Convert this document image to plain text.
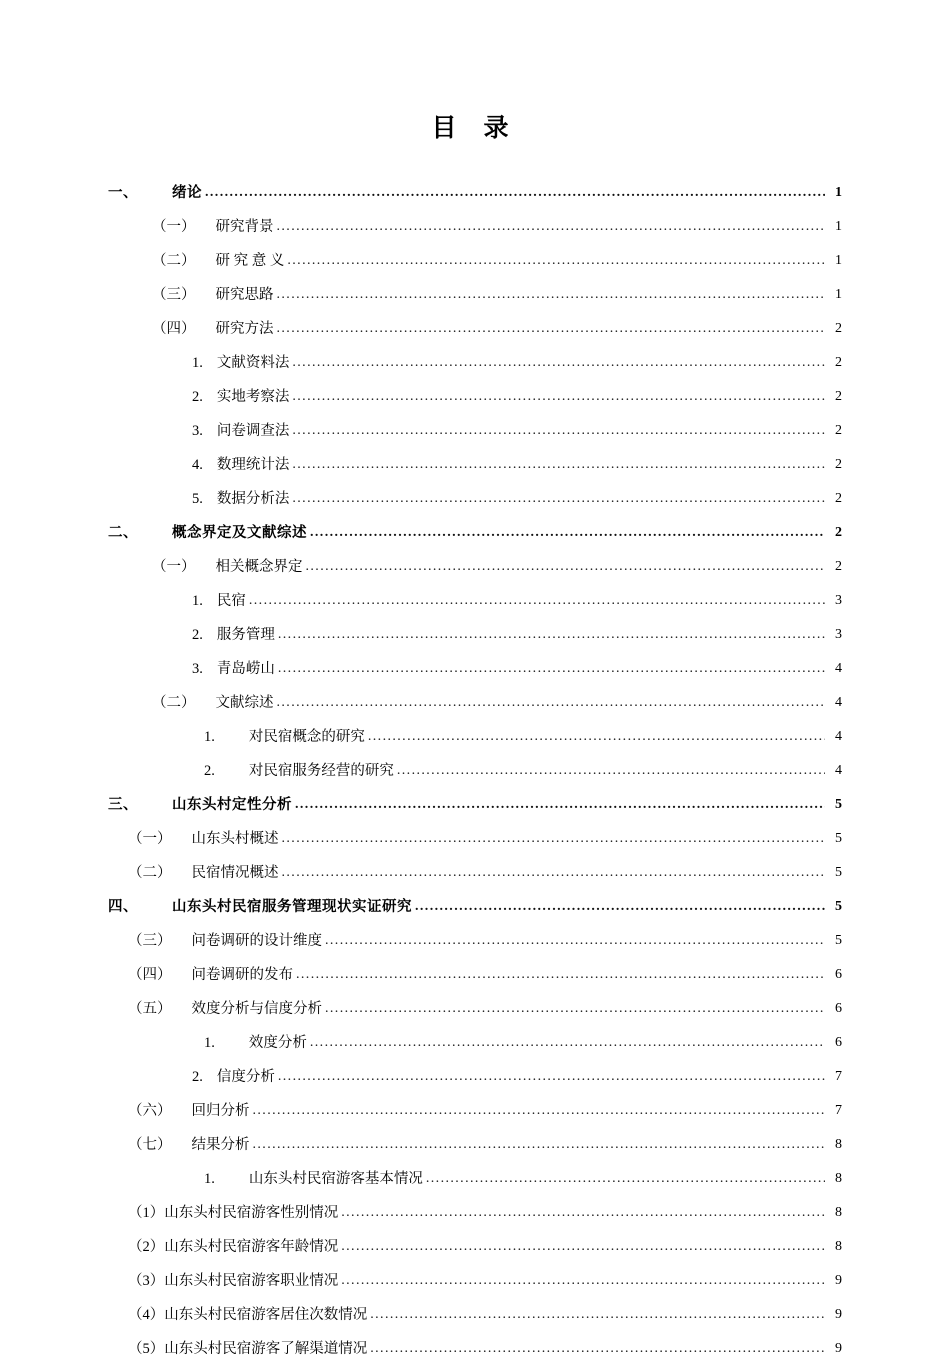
目 录
一、 绪论 .....	1
（一） 研究背景 .....	1
（二） 研 究 意 义 .....	1
（三） 研究思路 .....	1
（四） 研究方法 .....	2
1. 文献资料法 .....	2
2. 实地考察法 .....	2
3. 问卷调查法 .....	2
4. 数理统计法 .....	2
5. 数据分析法 .....	2
二、 概念界定及文献综述 .....	2
（一） 相关概念界定 .....	2
1. 民宿 .....	3
2. 服务管理 .....	3
3. 青岛崂山 .....	4
（二） 文献综述 .....	4
1. 对民宿概念的研究 .....	4
2. 对民宿服务经营的研究 .....	4
三、 山东头村定性分析 .....	5
（一） 山东头村概述 .....	5
（二） 民宿情况概述 .....	5
四、 山东头村民宿服务管理现状实证研究 .....	5
（三） 问卷调研的设计维度 .....	5
（四） 问卷调研的发布 .....	6
（五） 效度分析与信度分析 .....	6
1. 效度分析 .....	6
2. 信度分析 .....	7
（六） 回归分析 .....	7
（七） 结果分析 .....	8
1. 山东头村民宿游客基本情况 .....	8
（1）山东头村民宿游客性别情况 .....	8
（2）山东头村民宿游客年龄情况 .....	8
（3）山东头村民宿游客职业情况 .....	9
（4）山东头村民宿游客居住次数情况 .....	9
（5）山东头村民宿游客了解渠道情况 .....	9
